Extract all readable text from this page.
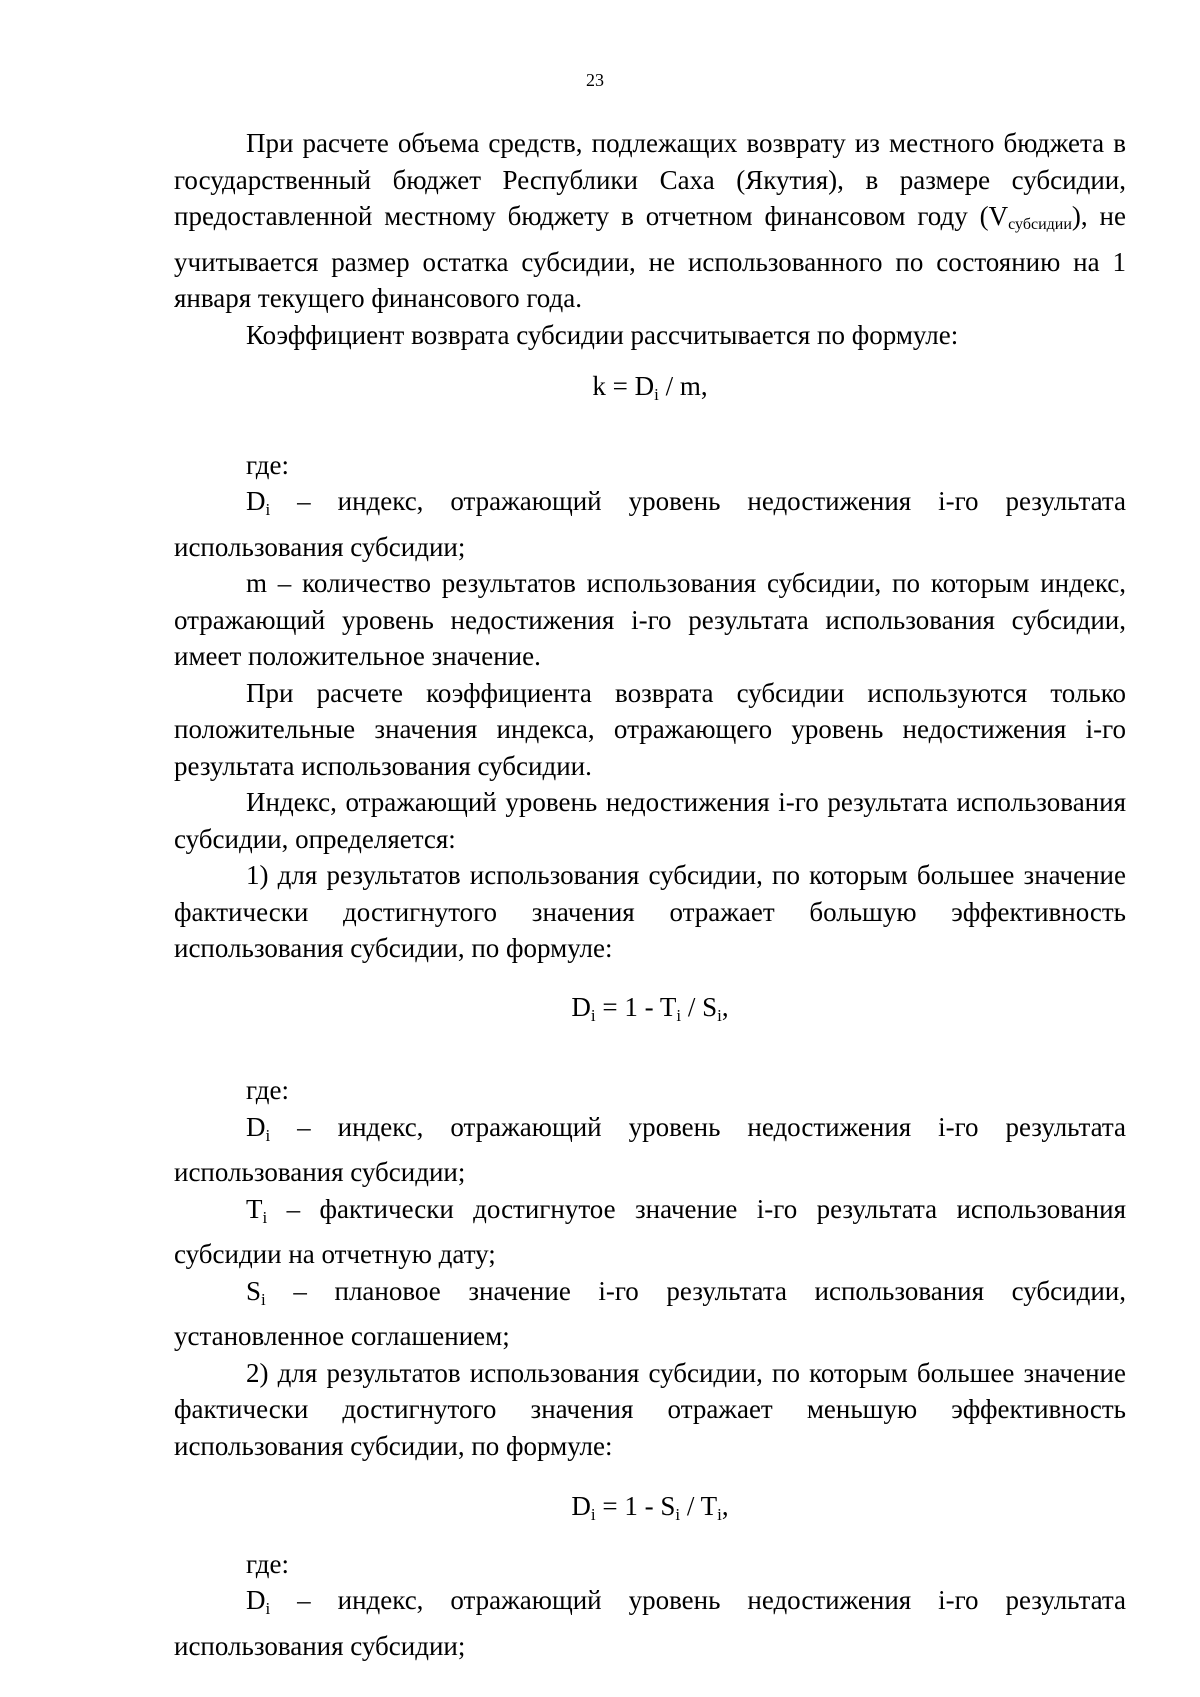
23

При расчете объема средств, подлежащих возврату из местного бюджета в государственный бюджет Республики Саха (Якутия), в размере субсидии, предоставленной местному бюджету в отчетном финансовом году (Vсубсидии), не учитывается размер остатка субсидии, не использованного по состоянию на 1 января текущего финансового года.

Коэффициент возврата субсидии рассчитывается по формуле:

$k = D_i / m$,

где:

$D_i$ – индекс, отражающий уровень недостижения i-го результата использования субсидии;

m – количество результатов использования субсидии, по которым индекс, отражающий уровень недостижения i-го результата использования субсидии, имеет положительное значение.

При расчете коэффициента возврата субсидии используются только положительные значения индекса, отражающего уровень недостижения i-го результата использования субсидии.

Индекс, отражающий уровень недостижения i-го результата использования субсидии, определяется:

1) для результатов использования субсидии, по которым большее значение фактически достигнутого значения отражает большую эффективность использования субсидии, по формуле:

$D_i = 1 - T_i / S_i$,

где:

$D_i$ – индекс, отражающий уровень недостижения i-го результата использования субсидии;

$T_i$ – фактически достигнутое значение i-го результата использования субсидии на отчетную дату;

$S_i$ – плановое значение i-го результата использования субсидии, установленное соглашением;

2) для результатов использования субсидии, по которым большее значение фактически достигнутого значения отражает меньшую эффективность использования субсидии, по формуле:

$D_i = 1 - S_i / T_i$,

где:

$D_i$ – индекс, отражающий уровень недостижения i-го результата использования субсидии;
